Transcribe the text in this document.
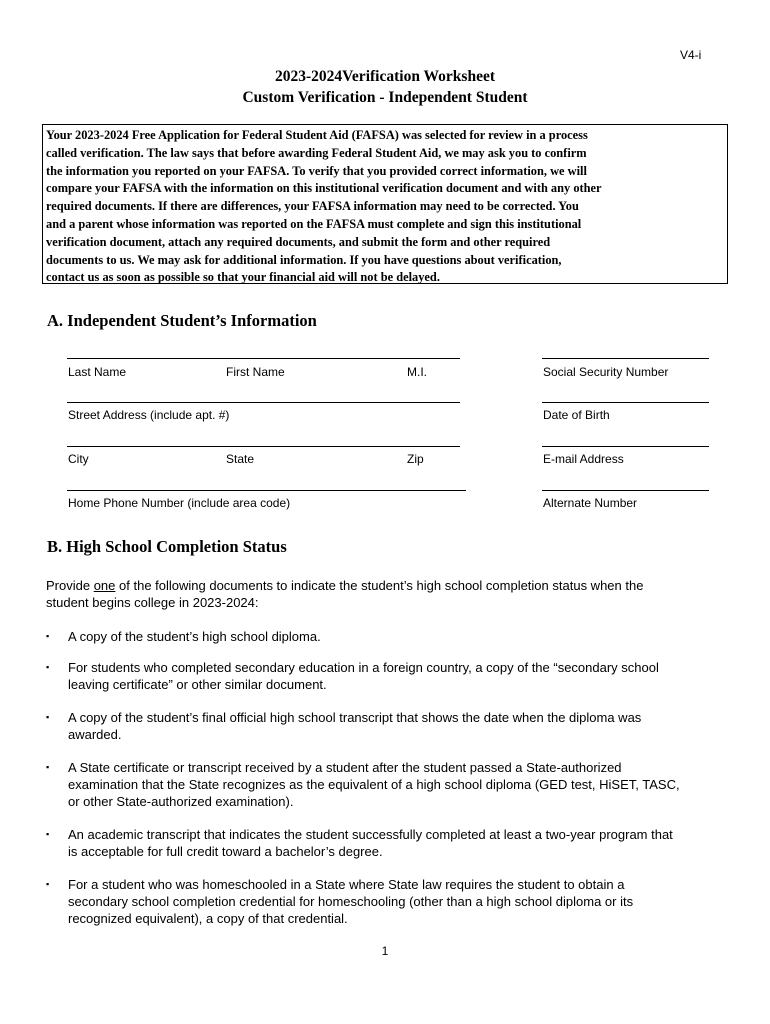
V4-i
2023-2024Verification Worksheet
Custom Verification - Independent Student
Your 2023-2024 Free Application for Federal Student Aid (FAFSA) was selected for review in a process
called verification. The law says that before awarding Federal Student Aid, we may ask you to confirm
the information you reported on your FAFSA. To verify that you provided correct information, we will
compare your FAFSA with the information on this institutional verification document and with any other
required documents. If there are differences, your FAFSA information may need to be corrected. You
and a parent whose information was reported on the FAFSA must complete and sign this institutional
verification document, attach any required documents, and submit the form and other required
documents to us. We may ask for additional information. If you have questions about verification,
contact us as soon as possible so that your financial aid will not be delayed.
A. Independent Student’s Information
Last Name	First Name	M.I.	Social Security Number
Street Address (include apt. #)	Date of Birth
City	State	Zip	E-mail Address
Home Phone Number (include area code)	Alternate Number
B. High School Completion Status
Provide one of the following documents to indicate the student’s high school completion status when the
student begins college in 2023-2024:
▪ A copy of the student’s high school diploma.
▪ For students who completed secondary education in a foreign country, a copy of the “secondary school
leaving certificate” or other similar document.
▪ A copy of the student’s final official high school transcript that shows the date when the diploma was
awarded.
▪ A State certificate or transcript received by a student after the student passed a State-authorized
examination that the State recognizes as the equivalent of a high school diploma (GED test, HiSET, TASC,
or other State-authorized examination).
▪ An academic transcript that indicates the student successfully completed at least a two-year program that
is acceptable for full credit toward a bachelor’s degree.
▪ For a student who was homeschooled in a State where State law requires the student to obtain a
secondary school completion credential for homeschooling (other than a high school diploma or its
recognized equivalent), a copy of that credential.
1
